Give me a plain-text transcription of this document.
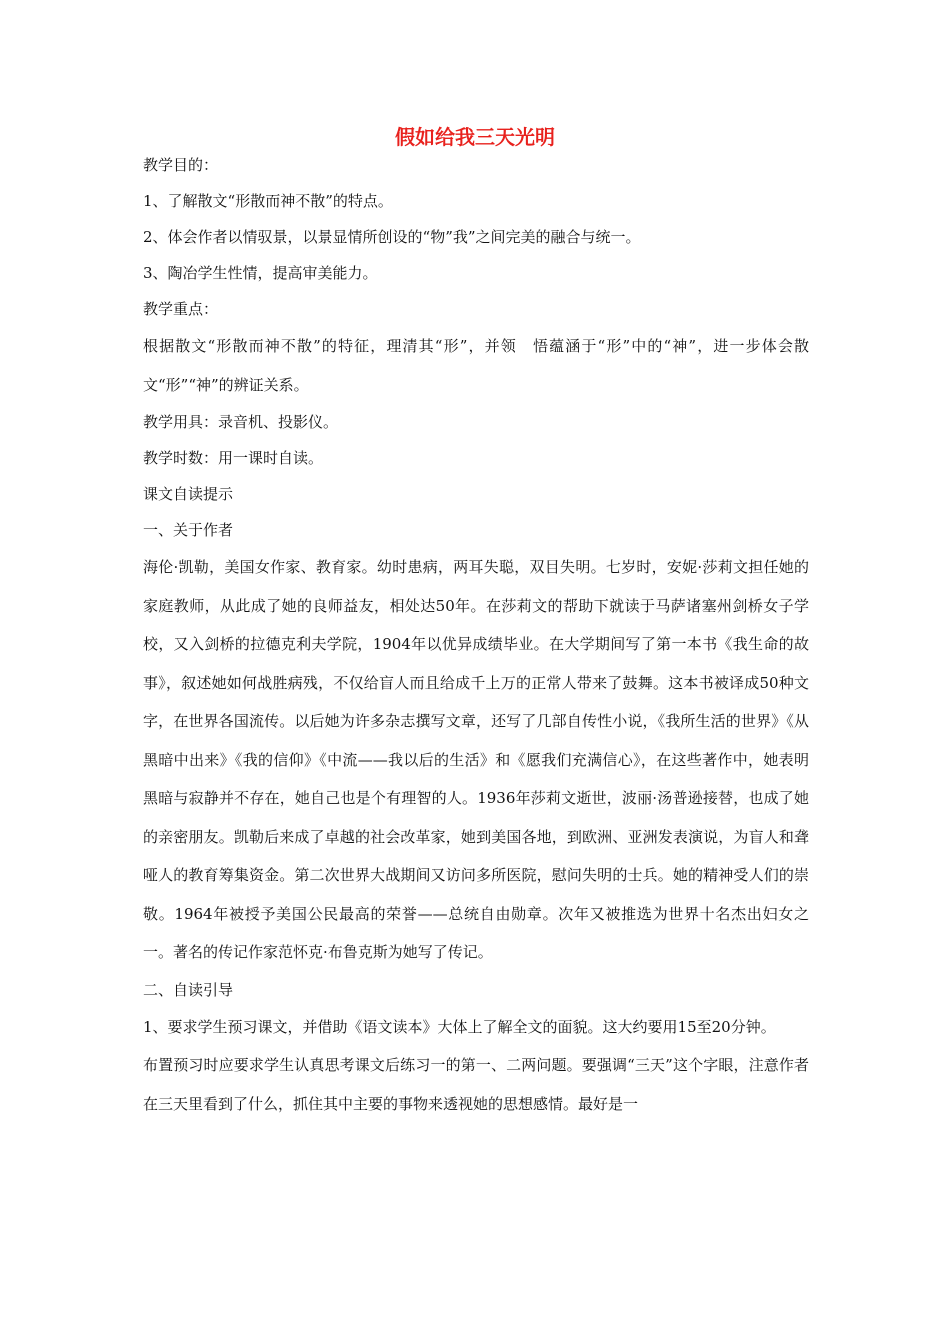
假如给我三天光明
教学目的：
1、了解散文“形散而神不散”的特点。
2、体会作者以情驭景，以景显情所创设的“物”我”之间完美的融合与统一。
3、陶冶学生性情，提高审美能力。
教学重点：
根据散文“形散而神不散”的特征，理清其“形”，并领　悟蕴涵于“形”中的“神”，进一步体会散文“形”“神”的辨证关系。
教学用具：录音机、投影仪。
教学时数：用一课时自读。
课文自读提示
一、关于作者
海伦·凯勒，美国女作家、教育家。幼时患病，两耳失聪，双目失明。七岁时，安妮·莎莉文担任她的家庭教师，从此成了她的良师益友，相处达50年。在莎莉文的帮助下就读于马萨诸塞州剑桥女子学校，又入剑桥的拉德克利夫学院，1904年以优异成绩毕业。在大学期间写了第一本书《我生命的故事》，叙述她如何战胜病残，不仅给盲人而且给成千上万的正常人带来了鼓舞。这本书被译成50种文字，在世界各国流传。以后她为许多杂志撰写文章，还写了几部自传性小说，《我所生活的世界》《从黑暗中出来》《我的信仰》《中流——我以后的生活》和《愿我们充满信心》，在这些著作中，她表明黑暗与寂静并不存在，她自己也是个有理智的人。1936年莎莉文逝世，波丽·汤普逊接替，也成了她的亲密朋友。凯勒后来成了卓越的社会改革家，她到美国各地，到欧洲、亚洲发表演说，为盲人和聋哑人的教育筹集资金。第二次世界大战期间又访问多所医院，慰问失明的士兵。她的精神受人们的崇敬。1964年被授予美国公民最高的荣誉——总统自由勋章。次年又被推选为世界十名杰出妇女之一。著名的传记作家范怀克·布鲁克斯为她写了传记。
二、自读引导
1、要求学生预习课文，并借助《语文读本》大体上了解全文的面貌。这大约要用15至20分钟。
布置预习时应要求学生认真思考课文后练习一的第一、二两问题。要强调“三天”这个字眼，注意作者在三天里看到了什么，抓住其中主要的事物来透视她的思想感情。最好是一
